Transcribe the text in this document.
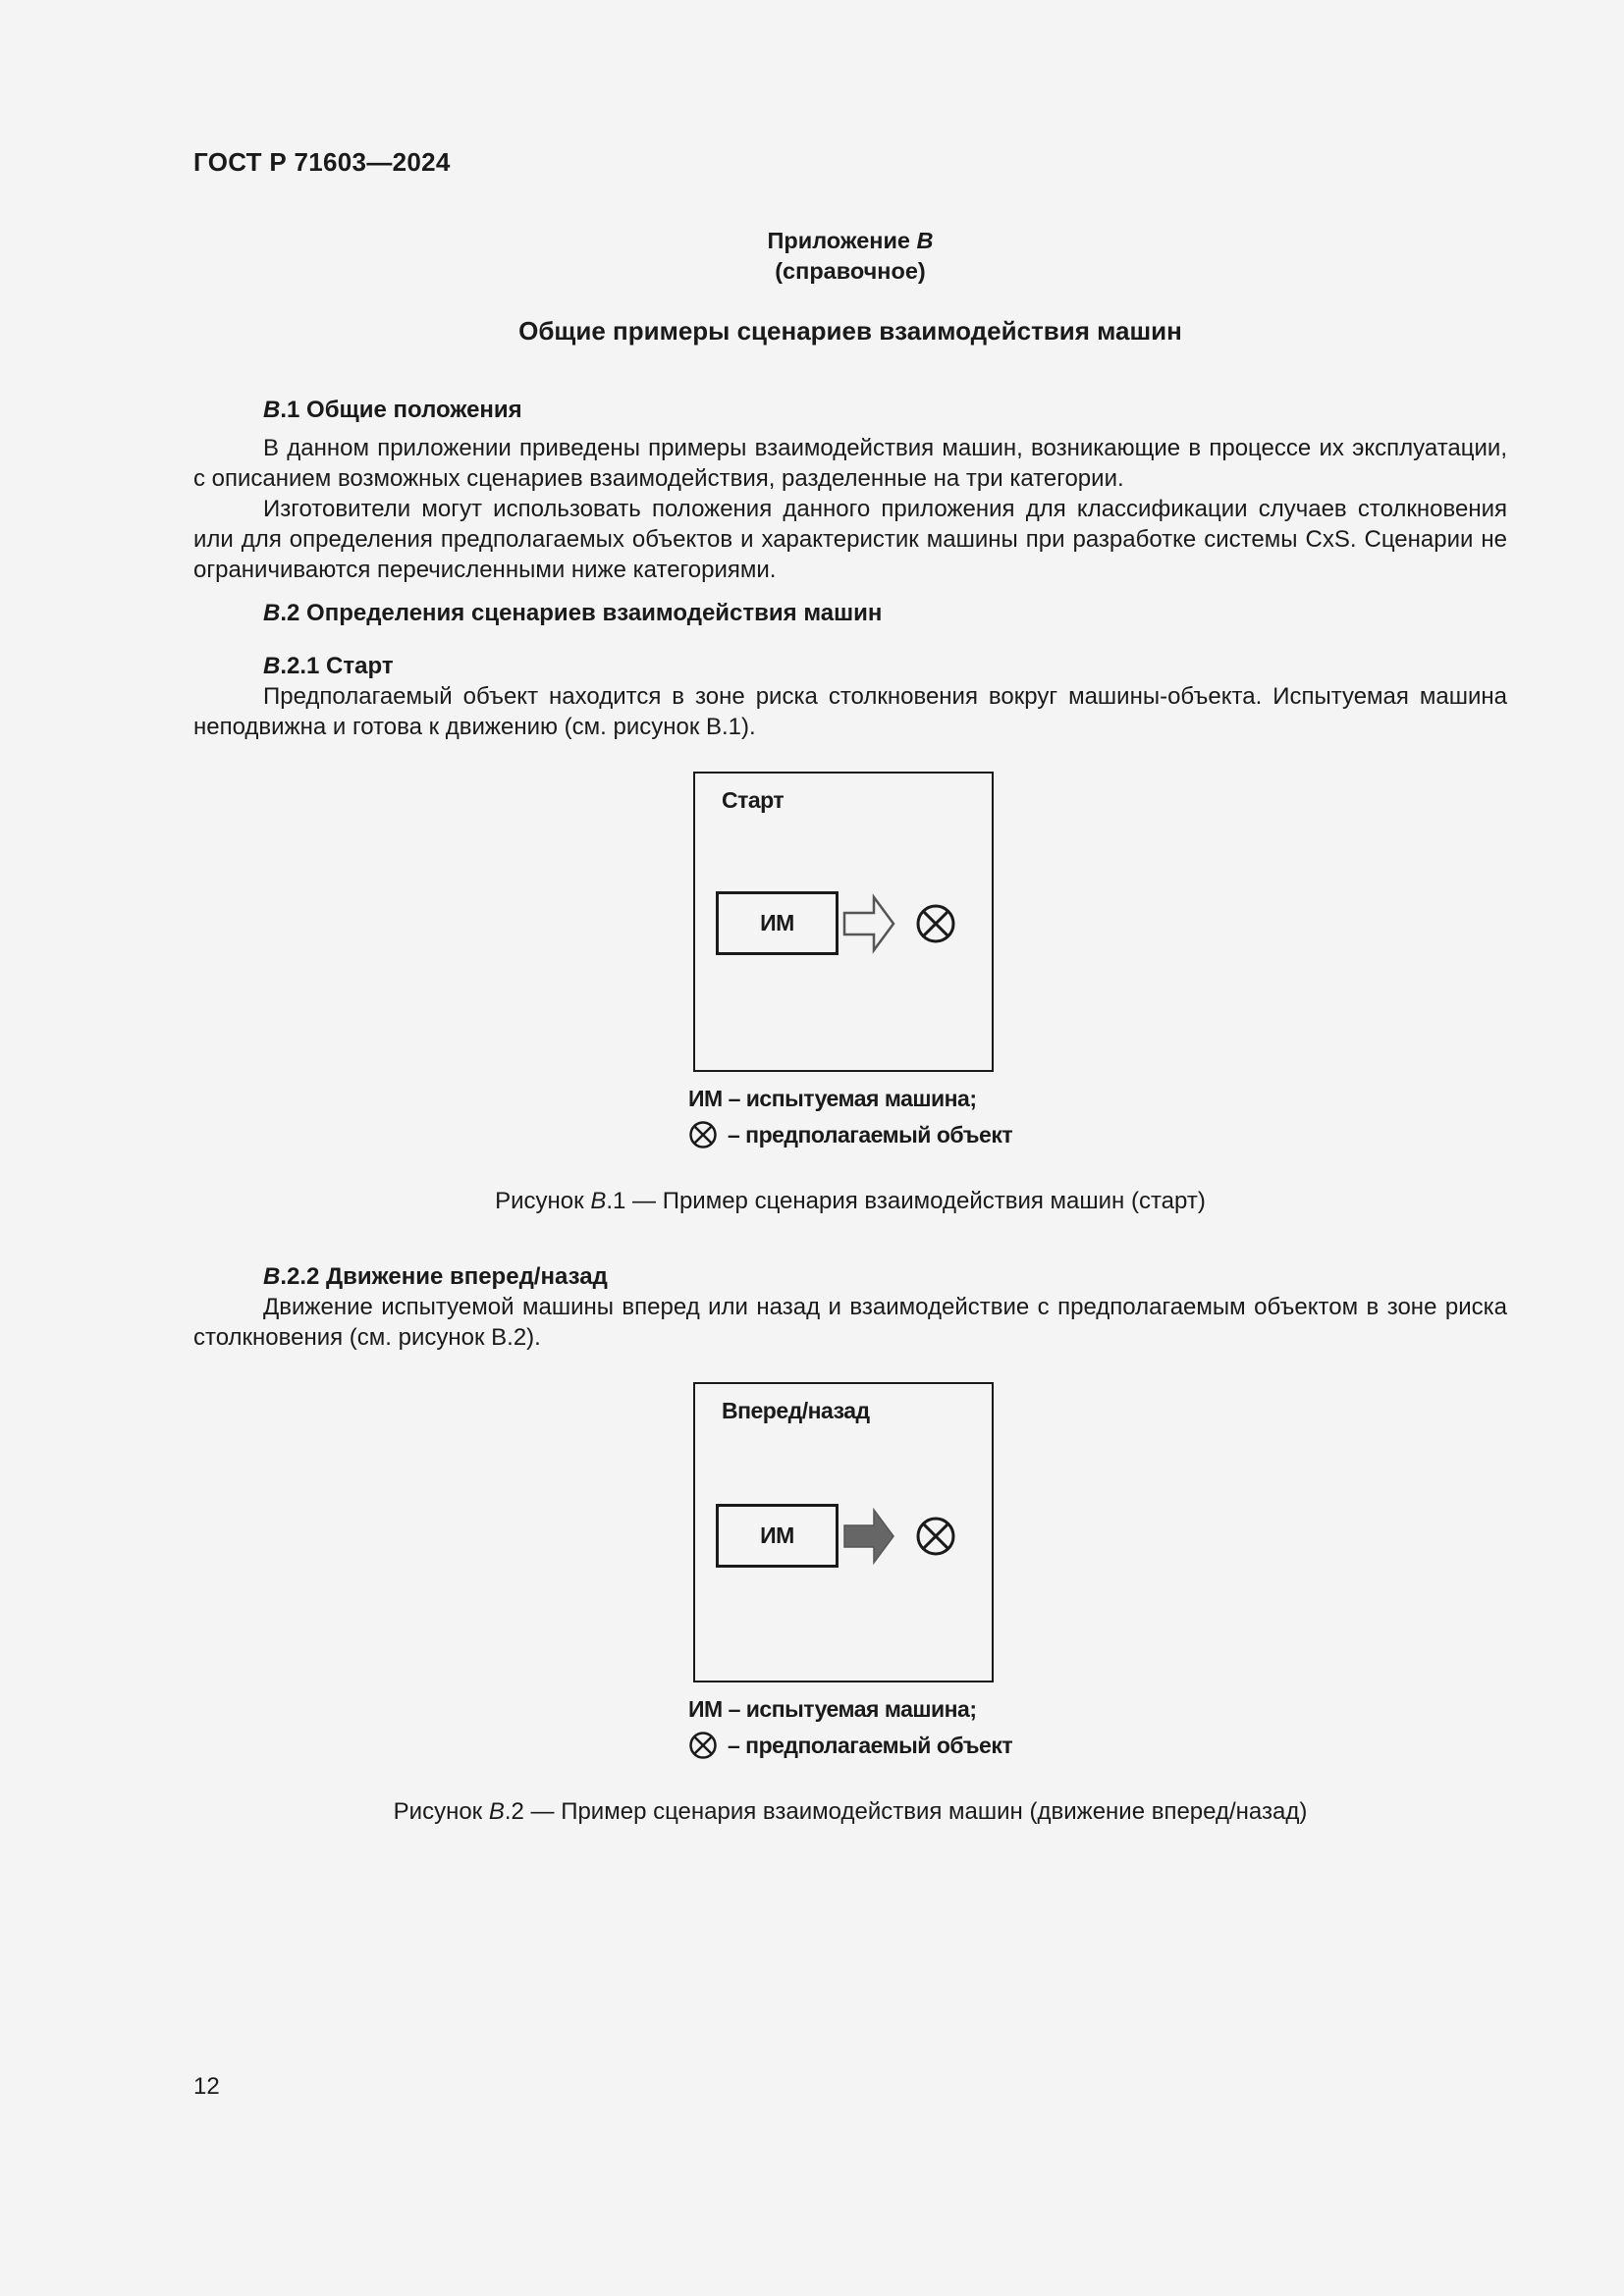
ГОСТ Р 71603—2024
Приложение В
(справочное)
Общие примеры сценариев взаимодействия машин
В.1 Общие положения

В данном приложении приведены примеры взаимодействия машин, возникающие в процессе их эксплуатации, с описанием возможных сценариев взаимодействия, разделенные на три категории.

Изготовители могут использовать положения данного приложения для классификации случаев столкновения или для определения предполагаемых объектов и характеристик машины при разработке системы CxS. Сценарии не ограничиваются перечисленными ниже категориями.

В.2 Определения сценариев взаимодействия машин
В.2.1 Старт

Предполагаемый объект находится в зоне риска столкновения вокруг машины-объекта. Испытуемая машина неподвижна и готова к движению (см. рисунок В.1).

Старт
ИМ
ИМ – испытуемая машина;
– предполагаемый объект
Рисунок В.1 — Пример сценария взаимодействия машин (старт)
В.2.2 Движение вперед/назад

Движение испытуемой машины вперед или назад и взаимодействие с предполагаемым объектом в зоне риска столкновения (см. рисунок В.2).

Вперед/назад
ИМ
ИМ – испытуемая машина;
– предполагаемый объект
Рисунок В.2 — Пример сценария взаимодействия машин (движение вперед/назад)
12
